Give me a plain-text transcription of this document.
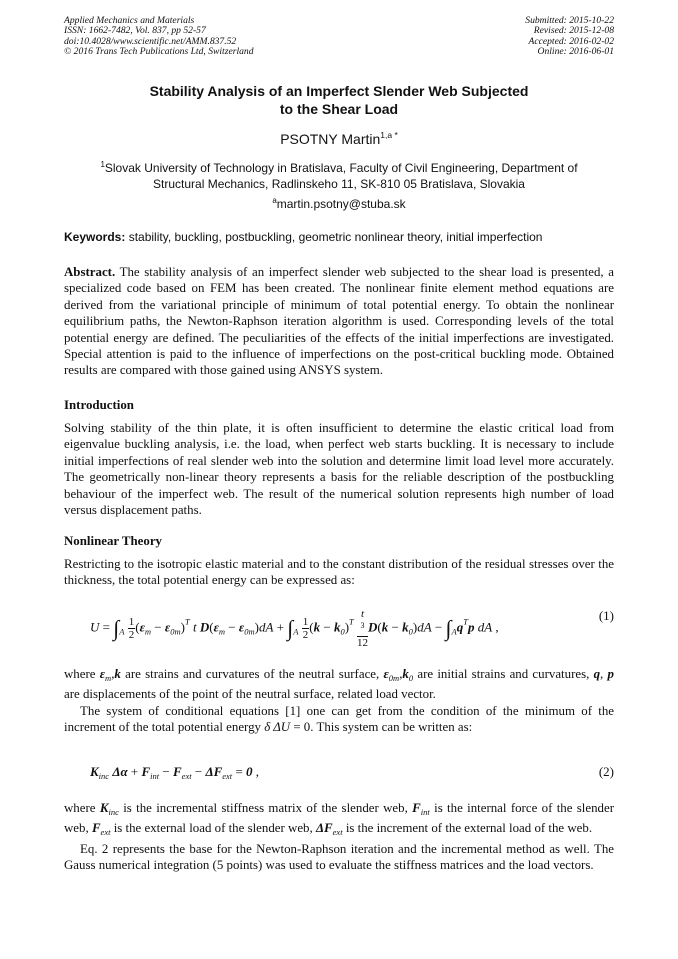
Applied Mechanics and Materials
ISSN: 1662-7482, Vol. 837, pp 52-57
doi:10.4028/www.scientific.net/AMM.837.52
© 2016 Trans Tech Publications Ltd, Switzerland
Submitted: 2015-10-22
Revised: 2015-12-08
Accepted: 2016-02-02
Online: 2016-06-01
Stability Analysis of an Imperfect Slender Web Subjected
to the Shear Load
PSOTNY Martin$^{1,a *}$
$^1$Slovak University of Technology in Bratislava, Faculty of Civil Engineering, Department of
Structural Mechanics, Radlinskeho 11, SK-810 05 Bratislava, Slovakia
$^a$martin.psotny@stuba.sk
Keywords: stability, buckling, postbuckling, geometric nonlinear theory, initial imperfection

Abstract. The stability analysis of an imperfect slender web subjected to the shear load is presented, a specialized code based on FEM has been created. The nonlinear finite element method equations are derived from the variational principle of minimum of total potential energy. To obtain the nonlinear equilibrium paths, the Newton-Raphson iteration algorithm is used. Corresponding levels of the total potential energy are defined. The peculiarities of the effects of the initial imperfections are investigated. Special attention is paid to the influence of imperfections on the post-critical buckling mode. Obtained results are compared with those gained using ANSYS system.

Introduction

Solving stability of the thin plate, it is often insufficient to determine the elastic critical load from eigenvalue buckling analysis, i.e. the load, when perfect web starts buckling. It is necessary to include initial imperfections of real slender web into the solution and determine limit load level more accurately. The geometrically non-linear theory represents a basis for the reliable description of the postbuckling behaviour of the imperfect web. The result of the numerical solution represents high number of load versus displacement paths.

Nonlinear Theory

Restricting to the isotropic elastic material and to the constant distribution of the residual stresses over the thickness, the total potential energy can be expressed as:

$U = \int_A \frac{1}{2} (\varepsilon_m - \varepsilon_{0m})^T$ t $D(\varepsilon_m - \varepsilon_{0m})dA + \int_A \frac{1}{2} (k - k_0)^T$ t
$^3$
12 $D(k - k_0)dA - \int_Aq^Tp$ dA ,
(1)

where $\varepsilon_m,k$ are strains and curvatures of the neutral surface, $\varepsilon_{0m},k_0$ are initial strains and curvatures, q, p are displacements of the point of the neutral surface, related load vector.

The system of conditional equations [1] one can get from the condition of the minimum of the increment of the total potential energy δ ΔU = 0. This system can be written as:

$K_{inc}$ $\Delta\alpha + F_{int} - F_{ext} - \Delta F_{ext} = 0$ ,	(2)

where $K_{inc}$ is the incremental stiffness matrix of the slender web, $F_{int}$ is the internal force of the slender web, $F_{ext}$ is the external load of the slender web, $\Delta F_{ext}$ is the increment of the external load of the web.

Eq. 2 represents the base for the Newton-Raphson iteration and the incremental method as well. The Gauss numerical integration (5 points) was used to evaluate the stiffness matrices and the load vectors.
